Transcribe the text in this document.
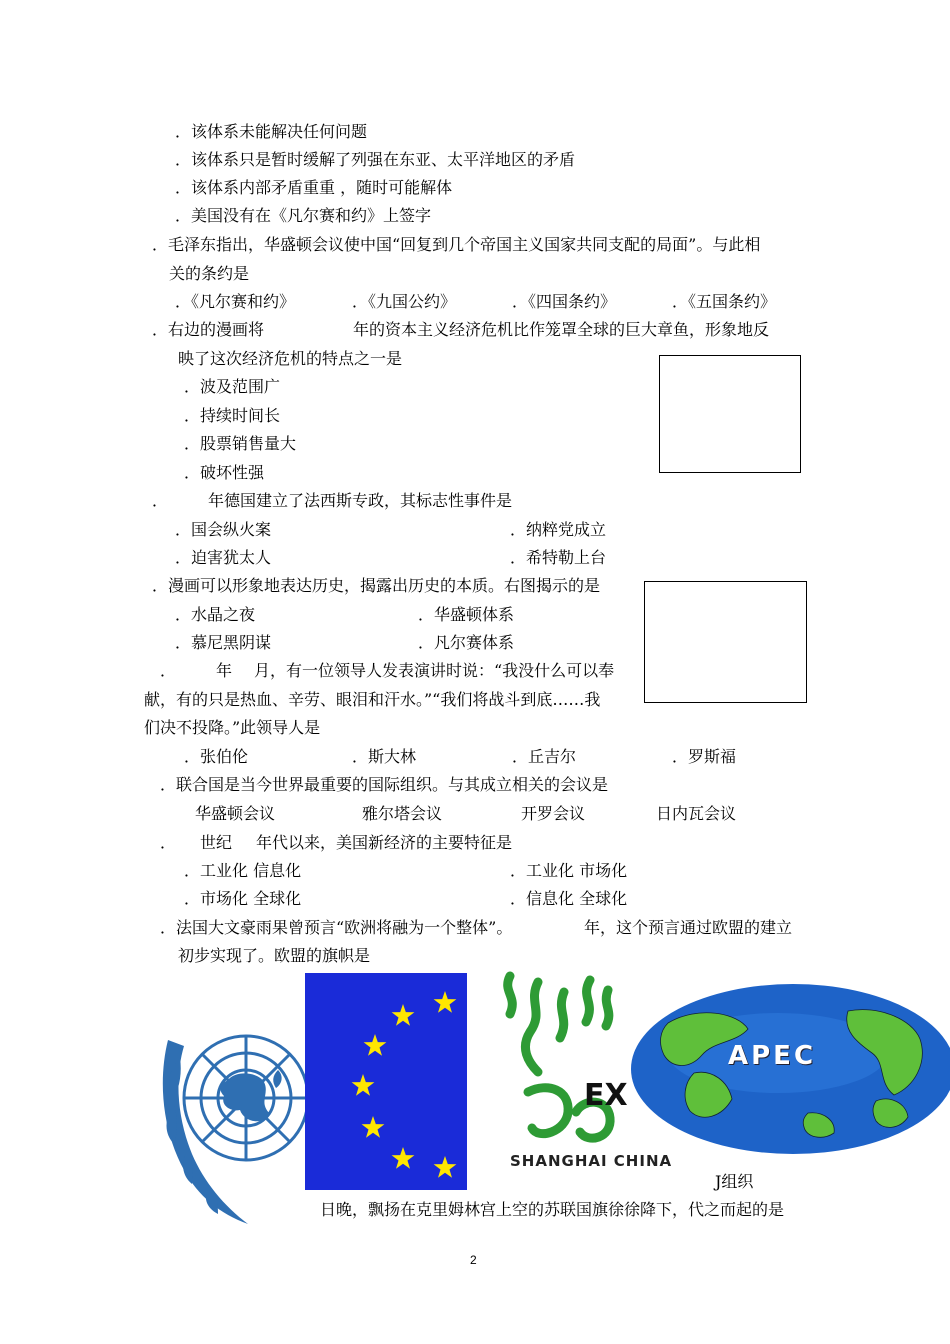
．该体系未能解决任何问题
．该体系只是暂时缓解了列强在东亚、太平洋地区的矛盾
．该体系内部矛盾重重 ，随时可能解体
．美国没有在《凡尔赛和约》上签字
．毛泽东指出，华盛顿会议使中国“回复到几个帝国主义国家共同支配的局面”。与此相
关的条约是
．《凡尔赛和约》	．《九国公约》	．《四国条约》	．《五国条约》
．右边的漫画将	年的资本主义经济危机比作笼罩全球的巨大章鱼，形象地反
映了这次经济危机的特点之一是
．波及范围广
．持续时间长
．股票销售量大
．破坏性强
． 年德国建立了法西斯专政，其标志性事件是
．国会纵火案	．纳粹党成立
．迫害犹太人	．希特勒上台
．漫画可以形象地表达历史，揭露出历史的本质。右图揭示的是
．水晶之夜	．华盛顿体系
．慕尼黑阴谋	．凡尔赛体系
． 年 月，有一位领导人发表演讲时说：“我没什么可以奉
献，有的只是热血、辛劳、眼泪和汗水。”“我们将战斗到底……我
们决不投降。”此领导人是
．张伯伦	．斯大林	．丘吉尔	．罗斯福
．联合国是当今世界最重要的国际组织。与其成立相关的会议是
华盛顿会议	雅尔塔会议	开罗会议	日内瓦会议
． 世纪 年代以来，美国新经济的主要特征是
．工业化 信息化	．工业化 市场化
．市场化 全球化	．信息化 全球化
．法国大文豪雨果曾预言“欧洲将融为一个整体”。	年，这个预言通过欧盟的建立
初步实现了。欧盟的旗帜是
EX
SHANGHAI CHINA
APEC
J组织
日晚，飘扬在克里姆林宫上空的苏联国旗徐徐降下，代之而起的是
2
